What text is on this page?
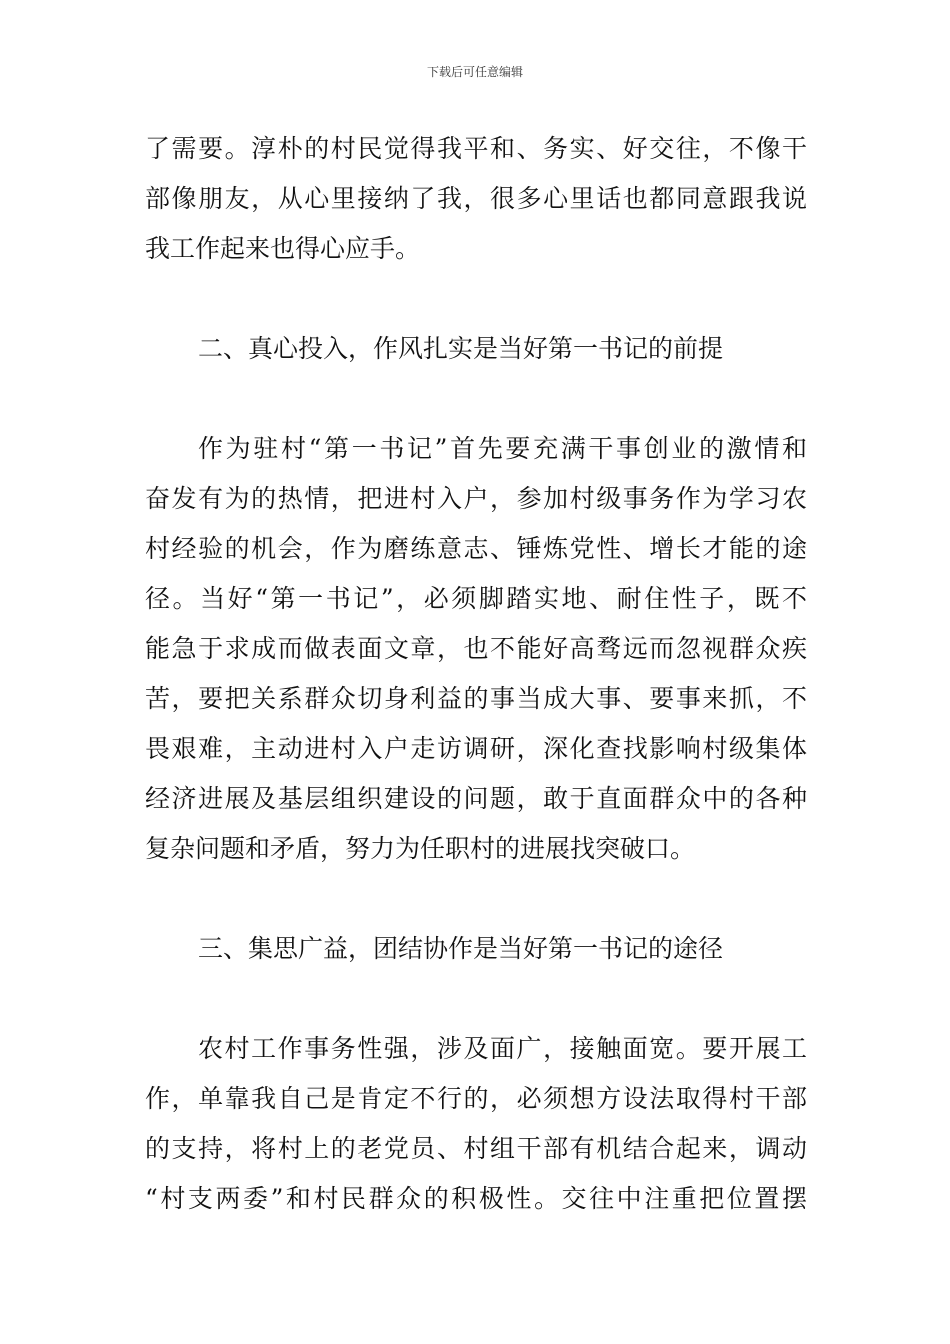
下载后可任意编辑
了需要。淳朴的村民觉得我平和、务实、好交往，不像干
部像朋友，从心里接纳了我，很多心里话也都同意跟我说
我工作起来也得心应手。
二、真心投入，作风扎实是当好第一书记的前提
作为驻村“第一书记”首先要充满干事创业的激情和
奋发有为的热情，把进村入户，参加村级事务作为学习农
村经验的机会，作为磨练意志、锤炼党性、增长才能的途
径。当好“第一书记”，必须脚踏实地、耐住性子，既不
能急于求成而做表面文章，也不能好高骛远而忽视群众疾
苦，要把关系群众切身利益的事当成大事、要事来抓，不
畏艰难，主动进村入户走访调研，深化查找影响村级集体
经济进展及基层组织建设的问题，敢于直面群众中的各种
复杂问题和矛盾，努力为任职村的进展找突破口。
三、集思广益，团结协作是当好第一书记的途径
农村工作事务性强，涉及面广，接触面宽。要开展工
作，单靠我自己是肯定不行的，必须想方设法取得村干部
的支持，将村上的老党员、村组干部有机结合起来，调动
“村支两委”和村民群众的积极性。交往中注重把位置摆
